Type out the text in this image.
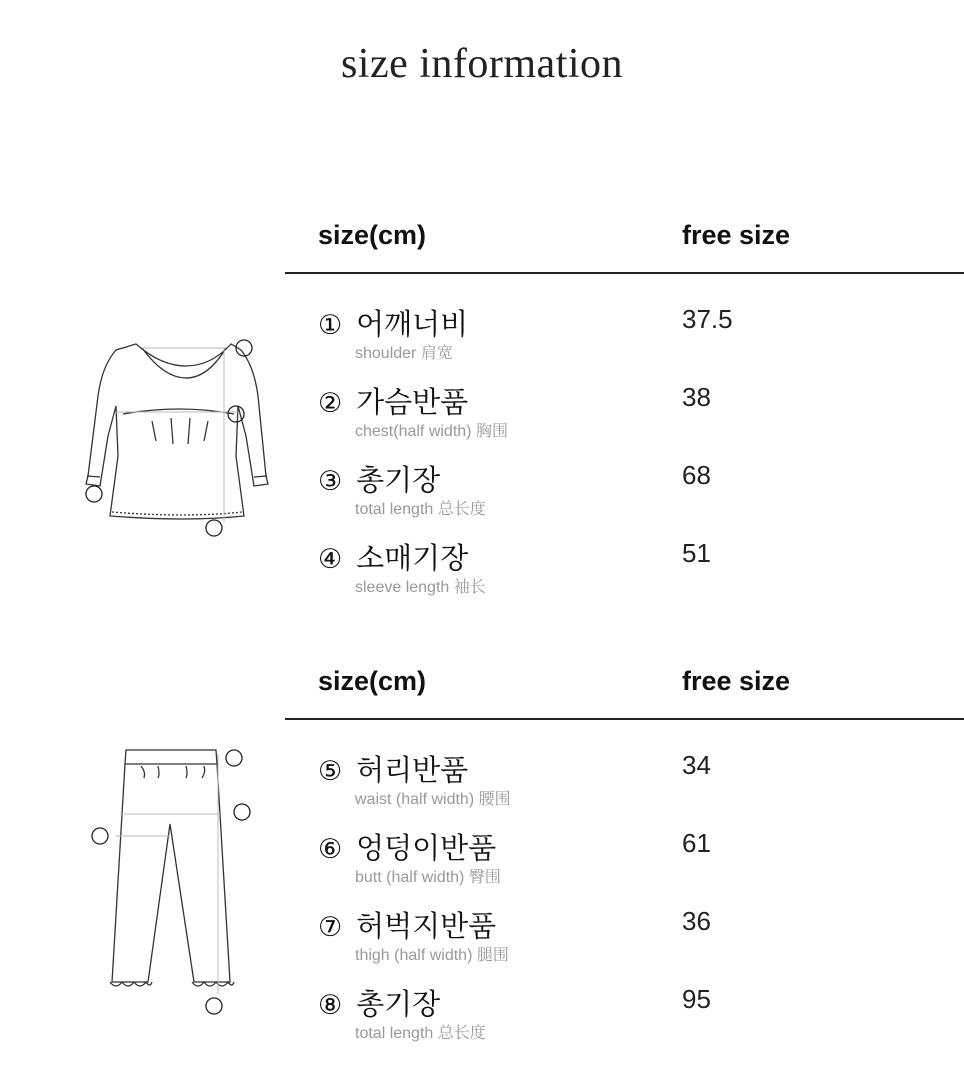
size information
size(cm)	free size
① 어깨너비
shoulder 肩宽
37.5
② 가슴반품
chest(half width) 胸围
38
③ 총기장
total length 总长度
68
④ 소매기장
sleeve length 袖长
51
size(cm)	free size
⑤ 허리반품
waist (half width) 腰围
34
⑥ 엉덩이반품
butt (half width) 臀围
61
⑦ 허벅지반품
thigh (half width) 腿围
36
⑧ 총기장
total length 总长度
95
